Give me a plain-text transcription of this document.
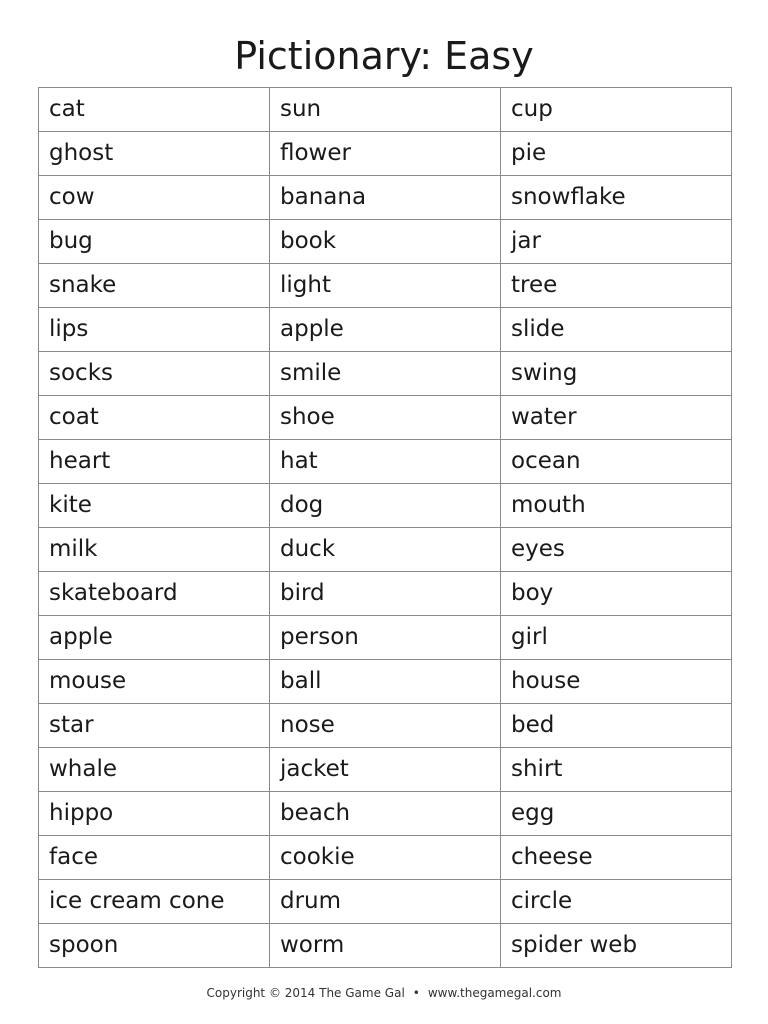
Pictionary: Easy
cat	sun	cup
ghost	flower	pie
cow	banana	snowflake
bug	book	jar
snake	light	tree
lips	apple	slide
socks	smile	swing
coat	shoe	water
heart	hat	ocean
kite	dog	mouth
milk	duck	eyes
skateboard	bird	boy
apple	person	girl
mouse	ball	house
star	nose	bed
whale	jacket	shirt
hippo	beach	egg
face	cookie	cheese
ice cream cone	drum	circle
spoon	worm	spider web
Copyright © 2014 The Game Gal • www.thegamegal.com
